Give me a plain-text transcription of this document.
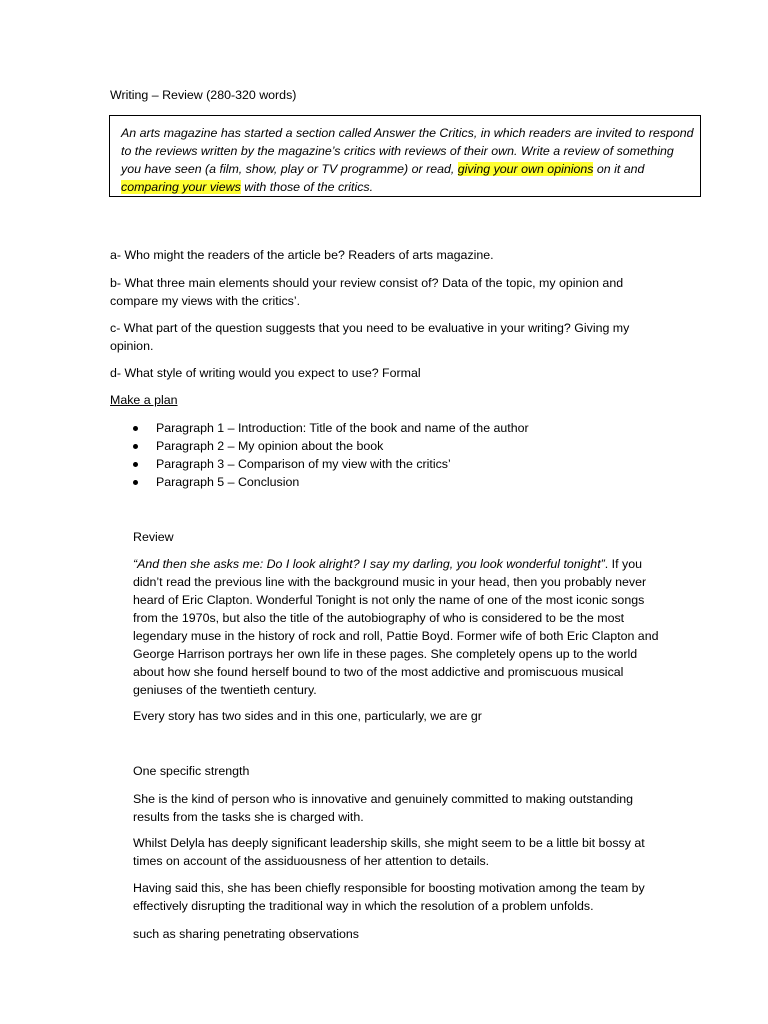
Writing – Review (280-320 words)

An arts magazine has started a section called Answer the Critics, in which readers are invited to respond to the reviews written by the magazine’s critics with reviews of their own. Write a review of something you have seen (a film, show, play or TV programme) or read, giving your own opinions on it and comparing your views with those of the critics.

a- Who might the readers of the article be? Readers of arts magazine.

b- What three main elements should your review consist of? Data of the topic, my opinion and compare my views with the critics’.

c- What part of the question suggests that you need to be evaluative in your writing? Giving my opinion.

d- What style of writing would you expect to use? Formal

Make a plan

Paragraph 1 – Introduction: Title of the book and name of the author
Paragraph 2 – My opinion about the book
Paragraph 3 – Comparison of my view with the critics’
Paragraph 5 – Conclusion

Review

“And then she asks me: Do I look alright? I say my darling, you look wonderful tonight”. If you didn’t read the previous line with the background music in your head, then you probably never heard of Eric Clapton. Wonderful Tonight is not only the name of one of the most iconic songs from the 1970s, but also the title of the autobiography of who is considered to be the most legendary muse in the history of rock and roll, Pattie Boyd. Former wife of both Eric Clapton and George Harrison portrays her own life in these pages. She completely opens up to the world about how she found herself bound to two of the most addictive and promiscuous musical geniuses of the twentieth century.

Every story has two sides and in this one, particularly, we are gr

One specific strength

She is the kind of person who is innovative and genuinely committed to making outstanding results from the tasks she is charged with.

Whilst Delyla has deeply significant leadership skills, she might seem to be a little bit bossy at times on account of the assiduousness of her attention to details.

Having said this, she has been chiefly responsible for boosting motivation among the team by effectively disrupting the traditional way in which the resolution of a problem unfolds.

such as sharing penetrating observations
